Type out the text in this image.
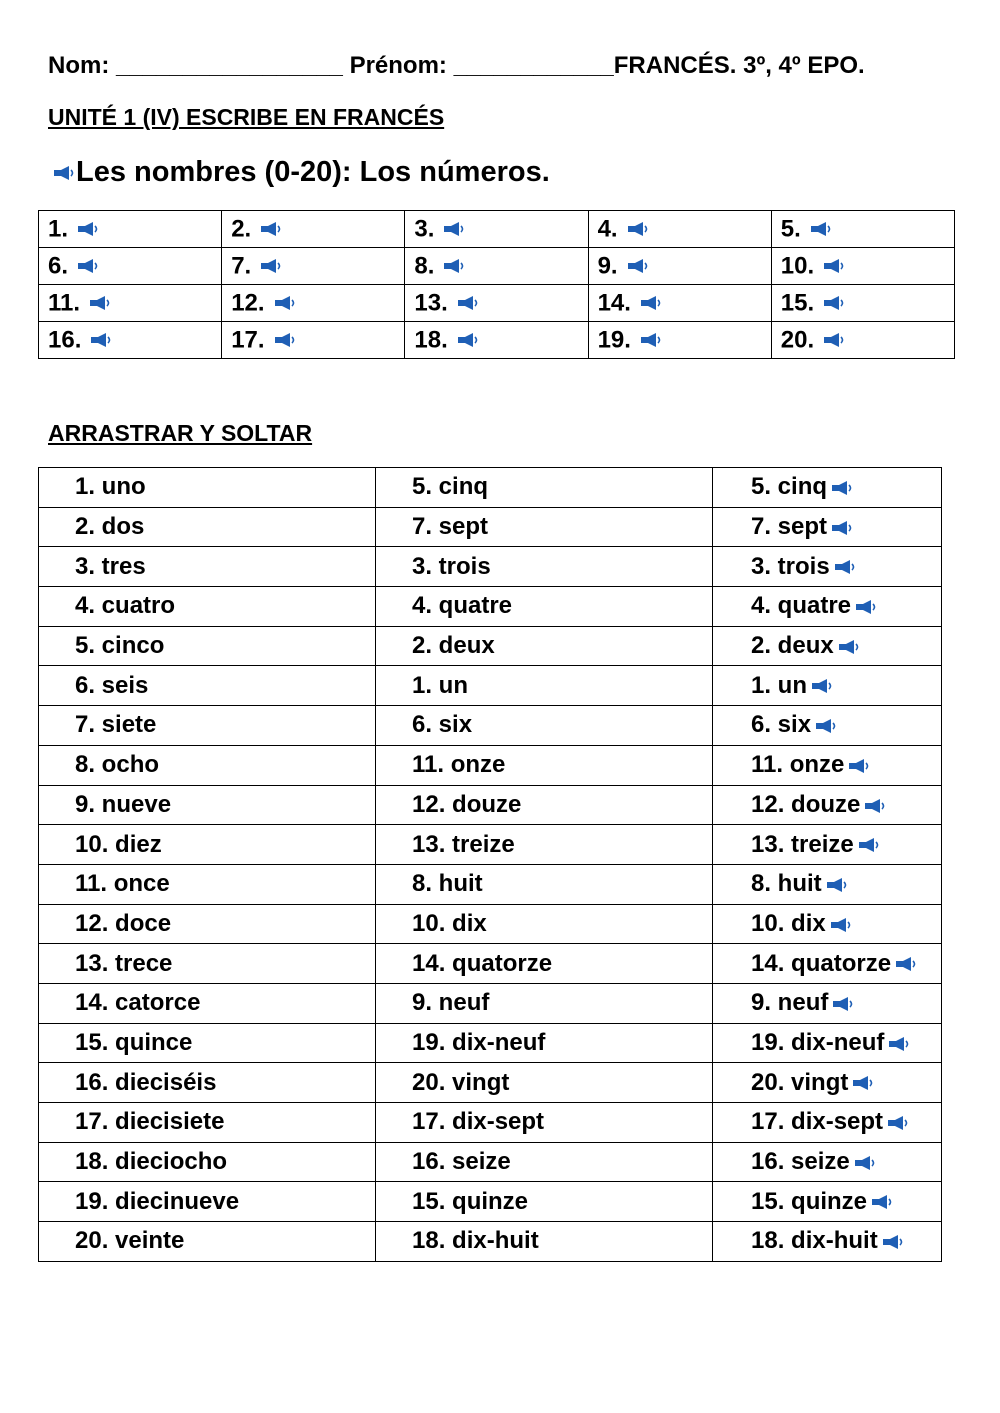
Nom: _________________ Prénom: ____________FRANCÉS. 3º, 4º EPO.
UNITÉ 1 (IV) ESCRIBE EN FRANCÉS
Les nombres (0-20): Los números.
1.	2.	3.	4.	5.

6.	7.	8.	9.	10.

11.	12.	13.	14.	15.

16.	17.	18.	19.	20.
ARRASTRAR Y SOLTAR
1. uno	5. cinq	5. cinq

2. dos	7. sept	7. sept

3. tres	3. trois	3. trois

4. cuatro	4. quatre	4. quatre

5. cinco	2. deux	2. deux

6. seis	1. un	1. un

7. siete	6. six	6. six

8. ocho	11. onze	11. onze

9. nueve	12. douze	12. douze

10. diez	13. treize	13. treize

11. once	8. huit	8. huit

12. doce	10. dix	10. dix

13. trece	14. quatorze	14. quatorze

14. catorce	9. neuf	9. neuf

15. quince	19. dix-neuf	19. dix-neuf

16. dieciséis	20. vingt	20. vingt

17. diecisiete	17. dix-sept	17. dix-sept

18. dieciocho	16. seize	16. seize

19. diecinueve	15. quinze	15. quinze

20. veinte	18. dix-huit	18. dix-huit
